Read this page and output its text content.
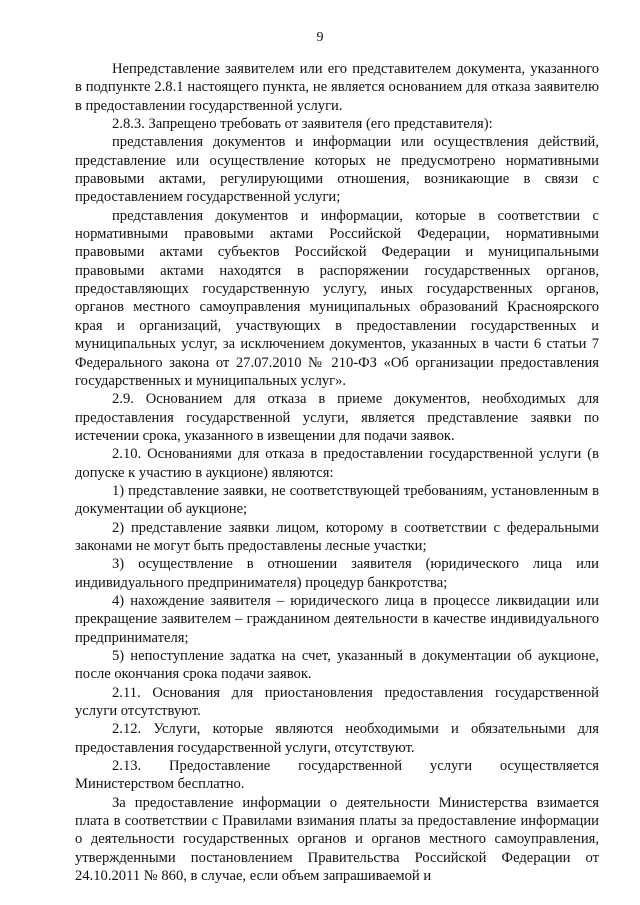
9

Непредставление заявителем или его представителем документа, указанного в подпункте 2.8.1 настоящего пункта, не является основанием для отказа заявителю в предоставлении государственной услуги.

2.8.3. Запрещено требовать от заявителя (его представителя):

представления документов и информации или осуществления действий, представление или осуществление которых не предусмотрено нормативными правовыми актами, регулирующими отношения, возникающие в связи с предоставлением государственной услуги;

представления документов и информации, которые в соответствии с нормативными правовыми актами Российской Федерации, нормативными правовыми актами субъектов Российской Федерации и муниципальными правовыми актами находятся в распоряжении государственных органов, предоставляющих государственную услугу, иных государственных органов, органов местного самоуправления муниципальных образований Красноярского края и организаций, участвующих в предоставлении государственных и муниципальных услуг, за исключением документов, указанных в части 6 статьи 7 Федерального закона от 27.07.2010 № 210-ФЗ «Об организации предоставления государственных и муниципальных услуг».

2.9. Основанием для отказа в приеме документов, необходимых для предоставления государственной услуги, является представление заявки по истечении срока, указанного в извещении для подачи заявок.

2.10. Основаниями для отказа в предоставлении государственной услуги (в допуске к участию в аукционе) являются:

1) представление заявки, не соответствующей требованиям, установленным в документации об аукционе;

2) представление заявки лицом, которому в соответствии с федеральными законами не могут быть предоставлены лесные участки;

3) осуществление в отношении заявителя (юридического лица или индивидуального предпринимателя) процедур банкротства;

4) нахождение заявителя – юридического лица в процессе ликвидации или прекращение заявителем – гражданином деятельности в качестве индивидуального предпринимателя;

5) непоступление задатка на счет, указанный в документации об аукционе, после окончания срока подачи заявок.

2.11. Основания для приостановления предоставления государственной услуги отсутствуют.

2.12. Услуги, которые являются необходимыми и обязательными для предоставления государственной услуги, отсутствуют.

2.13. Предоставление государственной услуги осуществляется Министерством бесплатно.

За предоставление информации о деятельности Министерства взимается плата в соответствии с Правилами взимания платы за предоставление информации о деятельности государственных органов и органов местного самоуправления, утвержденными постановлением Правительства Российской Федерации от 24.10.2011 № 860, в случае, если объем запрашиваемой и
